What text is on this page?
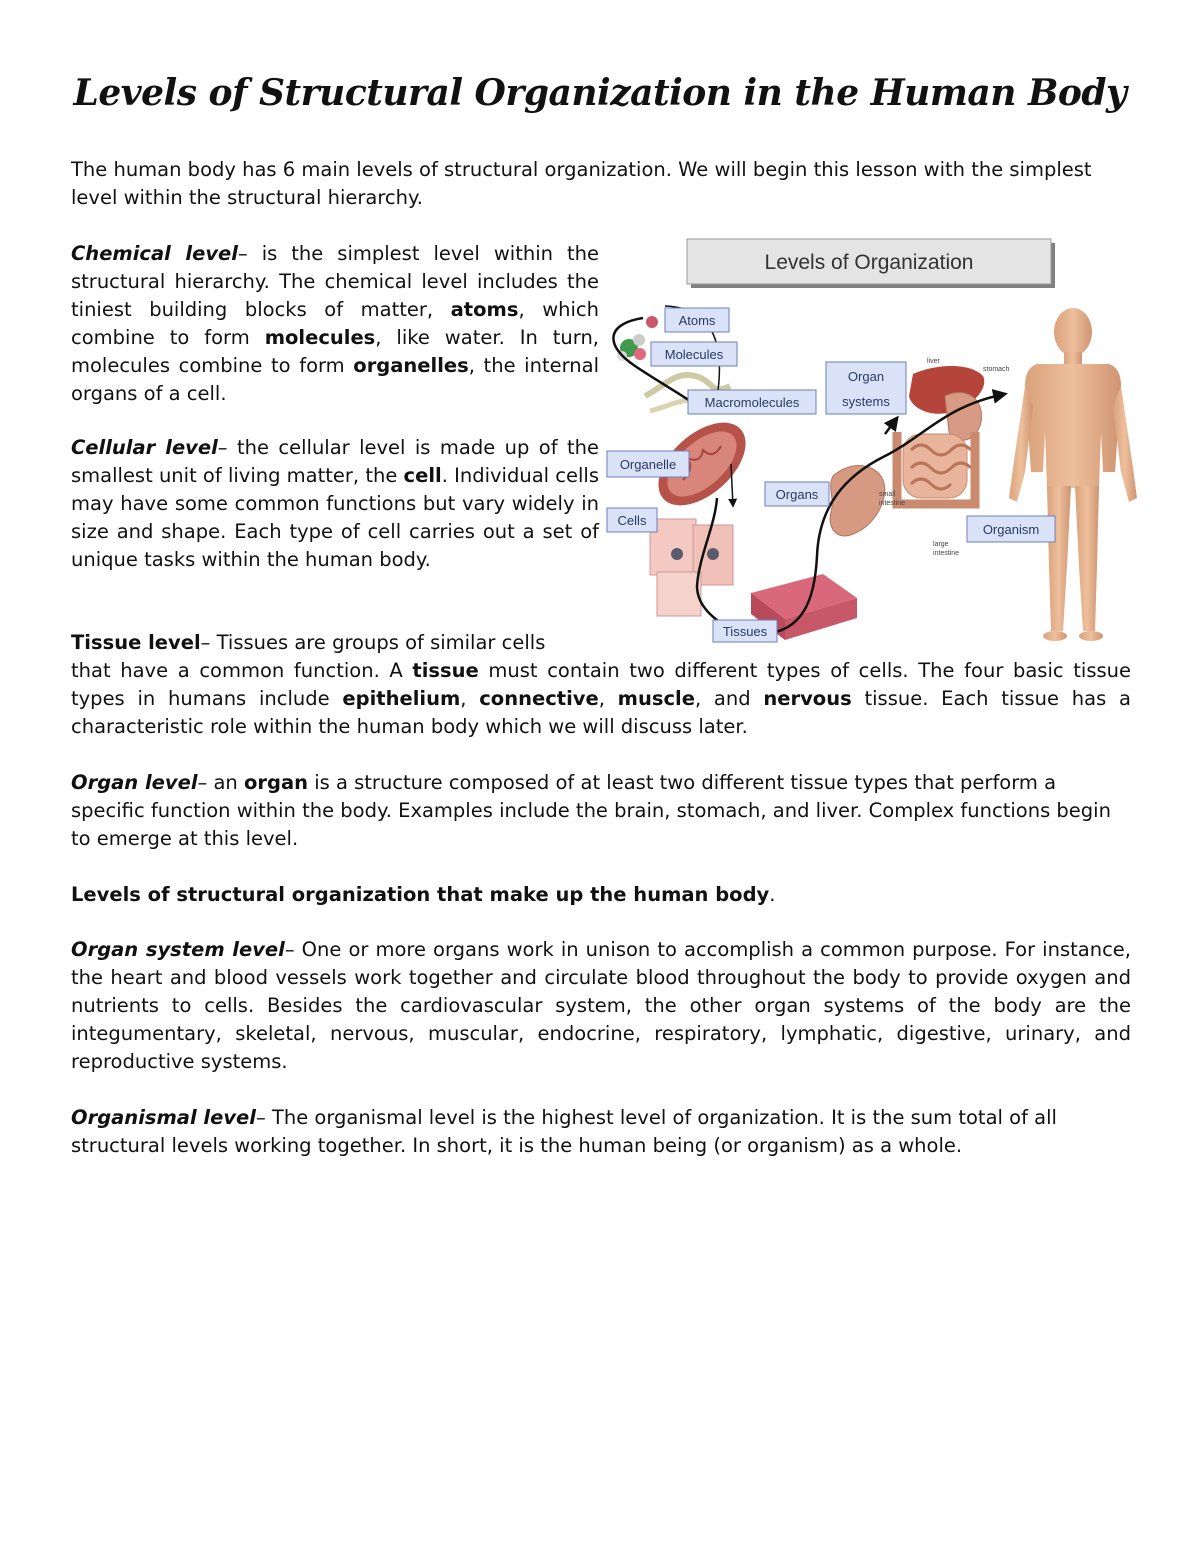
Levels of Structural Organization in the Human Body

The human body has 6 main levels of structural organization. We will begin this lesson with the simplest level within the structural hierarchy.

Chemical level– is the simplest level within the structural hierarchy. The chemical level includes the tiniest building blocks of matter, atoms, which combine to form molecules, like water. In turn, molecules combine to form organelles, the internal organs of a cell.

Cellular level– the cellular level is made up of the smallest unit of living matter, the cell. Individual cells may have some common functions but vary widely in size and shape. Each type of cell carries out a set of unique tasks within the human body.

Tissue level– Tissues are groups of similar cells

that have a common function. A tissue must contain two different types of cells. The four basic tissue types in humans include epithelium, connective, muscle, and nervous tissue. Each tissue has a characteristic role within the human body which we will discuss later.

Organ level– an organ is a structure composed of at least two different tissue types that perform a specific function within the body. Examples include the brain, stomach, and liver. Complex functions begin to emerge at this level.

Levels of structural organization that make up the human body.

Organ system level– One or more organs work in unison to accomplish a common purpose. For instance, the heart and blood vessels work together and circulate blood throughout the body to provide oxygen and nutrients to cells. Besides the cardiovascular system, the other organ systems of the body are the integumentary, skeletal, nervous, muscular, endocrine, respiratory, lymphatic, digestive, urinary, and reproductive systems.

Organismal level– The organismal level is the highest level of organization. It is the sum total of all structural levels working together. In short, it is the human being (or organism) as a whole.

Levels of Organization
Atoms
Molecules
Macromolecules
Organ
systems
Organelle
Organs
Cells
Organism
Tissues
liver
stomach
small
intestine
large
intestine
